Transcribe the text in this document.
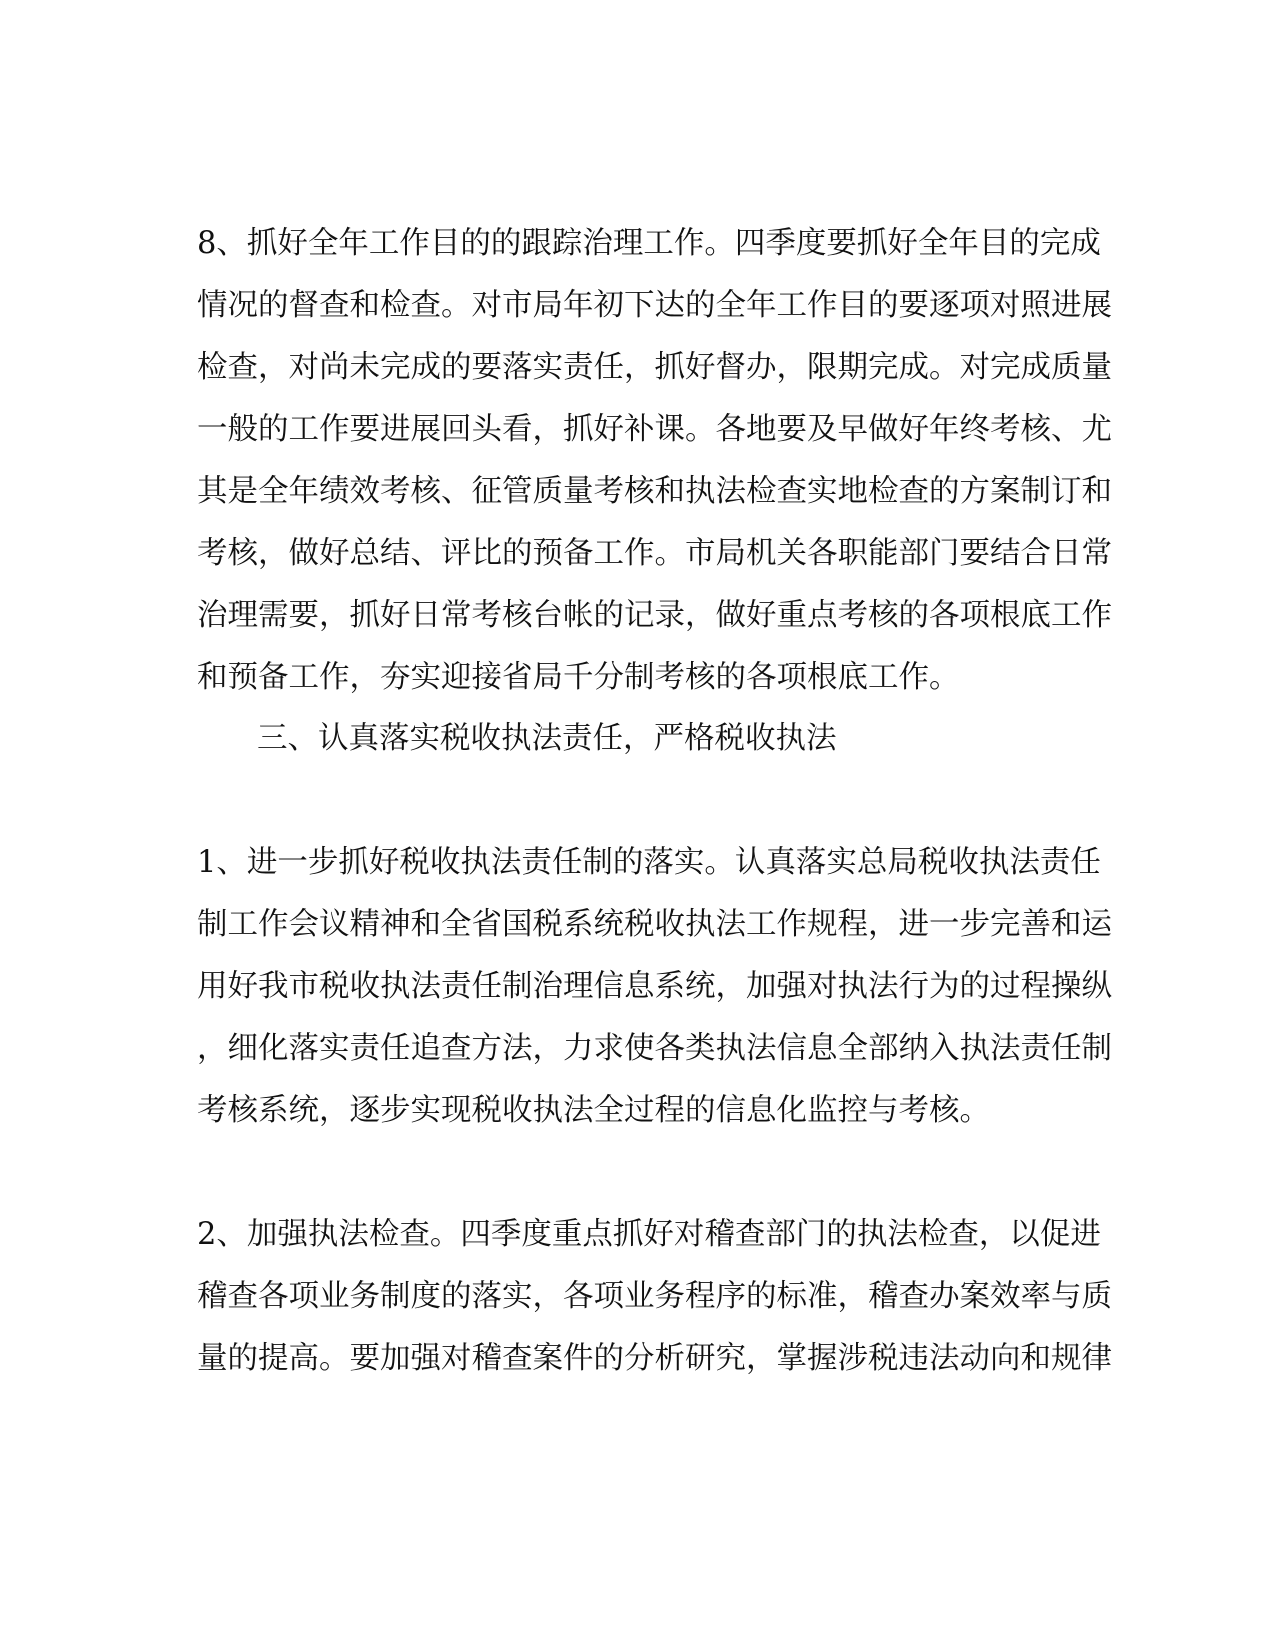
8、抓好全年工作目的的跟踪治理工作。四季度要抓好全年目的完成
情况的督查和检查。对市局年初下达的全年工作目的要逐项对照进展
检查，对尚未完成的要落实责任，抓好督办，限期完成。对完成质量
一般的工作要进展回头看，抓好补课。各地要及早做好年终考核、尤
其是全年绩效考核、征管质量考核和执法检查实地检查的方案制订和
考核，做好总结、评比的预备工作。市局机关各职能部门要结合日常
治理需要，抓好日常考核台帐的记录，做好重点考核的各项根底工作
和预备工作，夯实迎接省局千分制考核的各项根底工作。
三、认真落实税收执法责任，严格税收执法
1、进一步抓好税收执法责任制的落实。认真落实总局税收执法责任
制工作会议精神和全省国税系统税收执法工作规程，进一步完善和运
用好我市税收执法责任制治理信息系统，加强对执法行为的过程操纵
，细化落实责任追查方法，力求使各类执法信息全部纳入执法责任制
考核系统，逐步实现税收执法全过程的信息化监控与考核。
2、加强执法检查。四季度重点抓好对稽查部门的执法检查，以促进
稽查各项业务制度的落实，各项业务程序的标准，稽查办案效率与质
量的提高。要加强对稽查案件的分析研究，掌握涉税违法动向和规律
